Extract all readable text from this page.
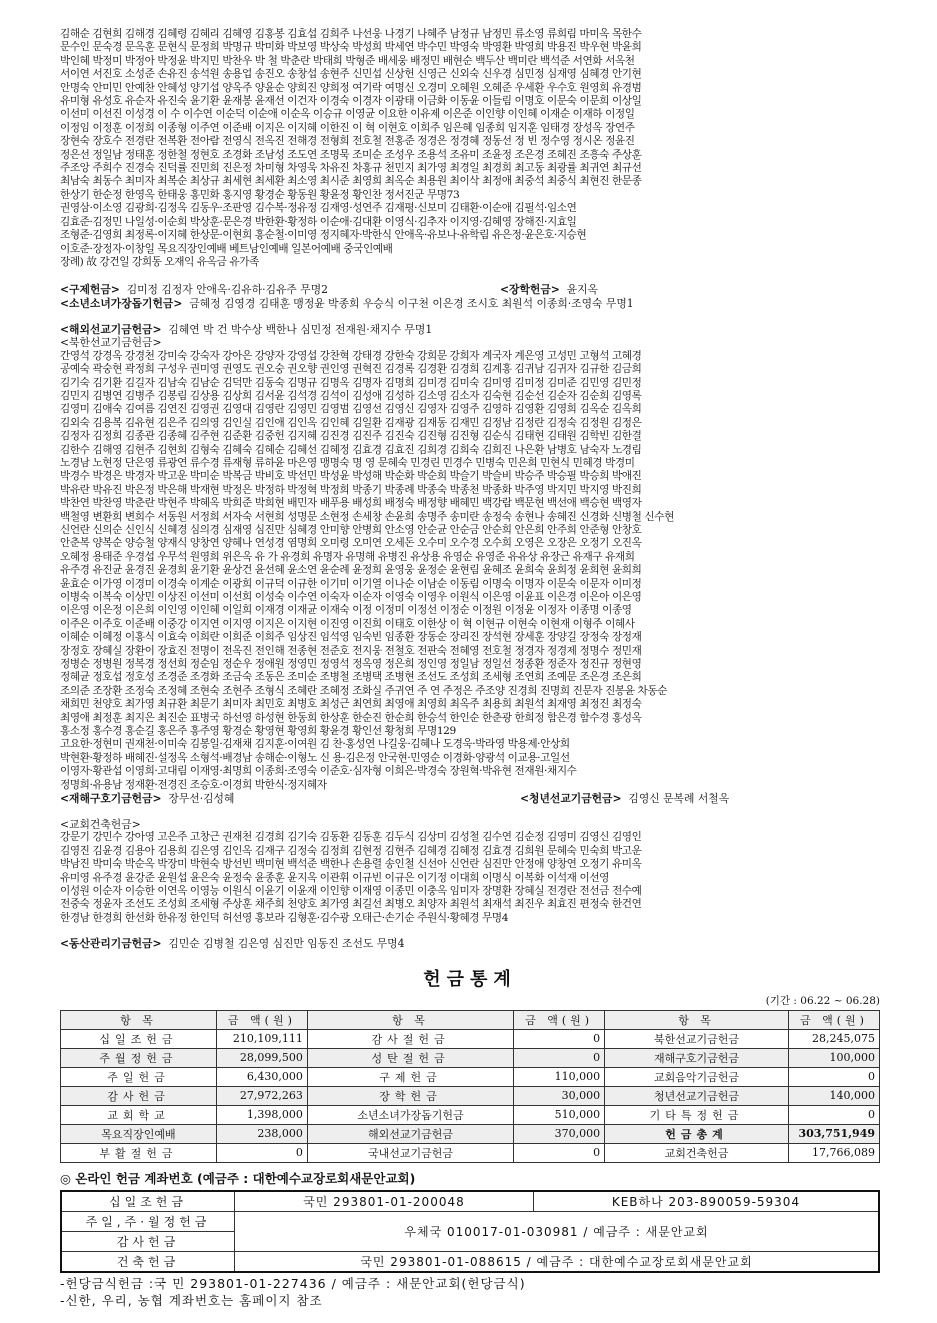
김해순 김현희 김해경 김혜령 김혜리 김혜영 김홍봉 김효섭 김희주 나선웅 나경기 나혜주 남정규 남정민 류소영 류희림 마미옥 목한수
문수인 문숙경 문옥훈 문현식 문정희 박명규 박미화 박보영 박상숙 박성희 박세연 박수민 박영숙 박영환 박영희 박용진 박우현 박윤희
박인혜 박정미 박정아 박정윤 박지민 박찬우 박 철 박춘란 박태희 박형준 배세웅 배정민 배현순 백두산 백미란 백석준 서연화 서옥천
서이연 서진호 소성준 손유진 송석원 송용업 송진오 송창섭 송현주 신민섭 신상헌 신영근 신외숙 신우경 심민정 심재영 심혜경 안기현
안명숙 안미민 안예찬 안혜성 양기섭 양옥주 양윤순 양희진 양희정 여기락 여명신 오경미 오혜원 오혜준 우세환 우수호 원영희 유경범
유미형 유성호 유순자 유진숙 윤기환 윤재봉 윤재선 이건자 이경숙 이경자 이광태 이금화 이동윤 이들림 이명호 이문숙 이문희 이상일
이선미 이선진 이성경 이 수 이수연 이순덕 이순애 이순옥 이승규 이영균 이요한 이유제 이은준 이인향 이인혜 이재순 이재하 이정일
이정임 이정훈 이정희 이종형 이주연 이준배 이지은 이지혜 이한진 이 혁 이현호 이희주 임은혜 임종희 임지훈 임태경 장성옥 장연주
장현숙 장호수 전경란 전복환 전아람 전영식 전옥진 전해경 전형희 전호철 전홍준 정경은 정경혜 정동선 정 빈 정수영 정시온 정윤진
정은선 정일남 정태훈 정한철 정현호 조경화 조남성 조도연 조명묵 조미순 조성우 조용석 조유미 조윤정 조은경 조혜진 조흥숙 주상훈
주조앙 주희수 진경숙 진덕률 진민희 진은정 차미형 차영욱 차유진 차홍규 천민지 최가영 최경일 최경희 최고동 최광률 최귀연 최규선
최남숙 최동수 최미자 최복순 최상규 최세현 최세환 최소영 최시준 최영희 최옥순 최용원 최이삭 최정애 최중석 최중식 최현진 한문종
한상기 한순정 한영옥 한태웅 홍민화 홍지영 황경순 황동원 황윤정 황인찬 정서진군 무명73
권영삼·이소영 김광희·김정옥 김동우·조판영 김수복·정유정 김재영·성연주 김재평·신보미 김태환·이순애 김필석·임소연
김효준·김정민 나일성·이순희 박상훈·문은경 박한환·황정하 이순애·김대환 이영식·김추자 이지영·김혜영 장해진·지효일
조형준·김영희 최정록·이지혜 한상문·이현희 홍순철·이미영 정지혜자·박한식 안애옥·유보나·유학림 유은정·윤은호·지승현
이호준·장정자·이창일 목요직장인예배 베트남인예배 일본어예배 중국인예배
장례) 故 강건일 강희동 오재익 유옥금 유가족
<구제헌금> 김미정 김정자 안애옥·김유하·김유주 무명2	<장학헌금> 윤지옥
<소년소녀가장돕기헌금> 금혜정 김영경 김태훈 맹정윤 박종희 우승식 이구천 이은경 조시호 최원석 이종희·조영숙 무명1
<해외선교기금헌금> 김혜연 박 건 박수상 백한나 심민정 전재원·채지수 무명1
<북한선교기금헌금>
간영석 강경옥 강경천 강미숙 강숙자 강아은 강양자 강영섭 강찬혁 강태경 강한숙 강희문 강희자 계국자 계은영 고성민 고형석 고혜경
공예숙 곽숭현 곽정희 구성우 권미영 권영도 권오숭 권오향 권인영 권혁진 김경록 김경환 김경희 김계홍 김귀남 김귀자 김규한 김금희
김기숙 김기환 김길자 김남숙 김남순 김덕만 김동숙 김명규 김명옥 김명자 김명희 김미경 김미숙 김미영 김미정 김미준 김민영 김민정
김민지 김병연 김병주 김봉림 김상용 김상희 김서윤 김석경 김석이 김성애 김성하 김소영 김소자 김숙현 김순선 김순자 김순희 김영록
김영미 김애숙 김여름 김연진 김영권 김영대 김영란 김영민 김영범 김영선 김영신 김영자 김영주 김영하 김영환 김영희 김옥순 김옥희
김외숙 김용복 김유현 김은주 김의영 김인실 김인애 김인옥 김인혜 김일환 김재광 김재동 김재민 김정남 김정란 김정숙 김정원 김정은
김정자 김정희 김종관 김종혜 김주현 김준환 김중헌 김지혜 김진경 김진주 김진숙 김진형 김진형 김순식 김태현 김태원 김학빈 김한결
김한수 김해영 김현주 김현희 김형숙 김혜숙 김혜순 김혜선 김혜정 김효경 김효진 김희경 김희숙 김희진 나은환 남병호 남숙자 노경림
노경남 노현정 단은영 류광연 류수경 류재형 류하윤 마은영 맹명숙 명 영 문혜숙 민경린 민경수 민병숙 민은희 민현식 민혜경 박경미
박경수 박경은 박경자 박고운 박미순 박복금 박비호 박선민 박성윤 박성해 박순화 박순희 박슬기 박슬비 박승주 박승필 박승희 박애진
박유란 박유진 박은정 박은해 박재현 박정은 박정하 박정혁 박정희 박종기 박종례 박종숙 박종천 박종화 박주영 박지민 박지영 박진희
박찬연 박찬영 박춘란 박현주 박혜옥 박희준 박희현 배민자 배푸용 배성희 배정숙 배정향 배혜민 백강람 백문현 백선애 백승현 백영자
백철영 변환희 변희수 서동원 서정희 서자숙 서현희 성명문 소현정 손세창 손윤희 송명주 송미란 송정숙 송현나 송혜진 신경화 신병철 신수현
신언란 신의순 신인식 신혜경 심의경 심재영 심진만 심혜경 안미향 안병희 안소영 안순균 안순금 안순희 안은희 안주희 안준형 안창호
안춘복 양복순 양승철 양재식 양창연 양혜나 연성경 염명희 오미령 오미연 오세돈 오수미 오수경 오수희 오영은 오장은 오정기 오진옥
오혜정 용태준 우경섭 우무석 원영희 위은옥 유 가 유경희 유명자 유명해 유병진 유상용 유영순 유영준 유유상 유장근 유재구 유재희
유주경 유진균 윤경진 윤경희 윤기환 윤상건 윤선혜 윤소연 윤순례 윤정희 윤영웅 윤정순 윤현림 윤혜조 윤희숙 윤희정 윤희현 윤희희
윤효순 이가영 이경미 이경숙 이계순 이광희 이규덕 이규한 이기미 이기열 이나순 이남순 이동림 이명숙 이명자 이문숙 이문자 이미정
이병숙 이복숙 이상민 이상진 이선미 이선희 이성숙 이수연 이숙자 이순자 이영숙 이영우 이원식 이은영 이윤표 이은경 이은아 이은영
이은영 이은정 이은희 이인영 이인혜 이일희 이재경 이재균 이재숙 이정 이정미 이정선 이정순 이정원 이정윤 이정자 이종명 이종영
이주은 이주호 이준배 이중강 이지연 이지영 이지은 이지현 이진영 이진희 이태호 이한상 이 혁 이현규 이현숙 이현재 이형주 이혜사
이혜순 이혜정 이홍식 이효숙 이희란 이희준 이희주 임상진 임석영 임숙빈 임종환 장동순 장리진 장석현 장세훈 장양길 장정숙 장정재
장정호 장혜실 장환이 장효진 전명이 전옥진 전인해 전종현 전준호 전지웅 전철호 전판숙 전혜영 전호철 정경자 정경제 정명수 정민재
정병순 정병원 정복경 정선희 정순임 정순우 정애원 정영민 정영석 정옥영 정은희 정인영 정일남 정일선 정종환 정준자 정진규 정현영
정혜균 정호섭 정호성 조경준 조경화 조금숙 조동은 조미순 조병철 조병택 조병현 조선도 조성희 조세형 조연희 조예문 조은경 조은희
조의준 조장환 조정숙 조정혜 조현숙 조현주 조형식 조혜란 조혜정 조화실 주귀연 주 연 주정은 주조양 진경희 진명희 진문자 진봉윤 차동순
채희민 천양호 최가영 최규환 최문기 최미자 최민호 최병호 최성근 최연희 최영애 최영희 최옥주 최용희 최원석 최재영 최정진 최정숙
최영애 최정훈 최지은 최진순 표병국 하선영 하성현 한동희 한상훈 한순진 한순희 한승석 한인순 한춘광 한희정 함은경 함수경 홍성옥
홍소정 홍수경 홍순길 홍은주 홍주영 황경순 황영현 황영희 황윤경 황인선 황청희 무명129
고요한·정현미 권재천·이미숙 김봉일·김재채 김지훈·이여원 김 찬·홍성연 나길웅·김혜나 도경욱·박라영 박용제·안상희
박현환·황정하 배혜진·설정옥 소형석·배경남 송해순·이형노 신 용·김은정 안국현·민영순 이경화·양광석 이교용·고일선
이영자·황관섭 이영희·고대림 이재영·최명희 이종희·조영숙 이준호·심자형 이희은·박경숙 장원혁·박유현 전재원·채지수
정명희·유용남 정재환·전경진 조승호·이경희 박한식·정지혜자
<재해구호기금헌금> 장무선·김성혜	<청년선교기금헌금> 김영신 문복례 서철옥
<교회건축헌금>
강문기 강민수 강아영 고은주 고창근 권재천 김경희 김기숙 김동환 김동훈 김두식 김상미 김성철 김수연 김순정 김영미 김영신 김영인
김영진 김윤경 김용아 김용희 김은영 김인옥 김재구 김정숙 김정희 김현정 김현주 김혜경 김혜정 김효경 김희원 문혜숙 민숙희 박고운
박남진 박미숙 박순옥 박장미 박현숙 방선빈 백미현 백석준 백한나 손용렬 송인철 신선아 신언란 심진만 안정애 양창연 오정기 유미옥
유미영 유주경 윤강준 윤원섭 윤은숙 윤정숙 윤종훈 윤지옥 이관휘 이규빈 이규은 이기정 이대희 이명식 이복화 이석재 이선영
이성원 이순자 이승한 이연옥 이영능 이원식 이윤기 이윤재 이인향 이재영 이종민 이충옥 임미자 장명환 장혜실 전경란 전선금 전수예
전중숙 정윤자 조선도 조성희 조세형 주상훈 채주희 천양호 최가영 최길선 최병오 최양자 최원석 최재석 최진우 최효진 편정숙 한건연
한경남 한경희 한선화 한유정 한인덕 허선영 홍보라 김형훈·김수광 오태근·손기순 주원식·황혜경 무명4
<동산관리기금헌금> 김민순 김병철 김은영 심진만 임동진 조선도 무명4
헌금통계
(기간 : 06.22 ~ 06.28)
항 목	금 액(원)	항 목	금 액(원)	항 목	금 액(원)
십일조헌금	210,109,111	감사절헌금	0	북한선교기금헌금	28,245,075
주월정헌금	28,099,500	성탄절헌금	0	재해구호기금헌금	100,000
주일헌금	6,430,000	구제헌금	110,000	교회음악기금헌금	0
감사헌금	27,972,263	장학헌금	30,000	청년선교기금헌금	140,000
교회학교	1,398,000	소년소녀가장돕기헌금	510,000	기타특정헌금	0
목요직장인예배	238,000	해외선교기금헌금	370,000	헌금총계	303,751,949
부활절헌금	0	국내선교기금헌금	0	교회건축헌금	17,766,089
◎ 온라인 헌금 계좌번호 (예금주 : 대한예수교장로회새문안교회)
십일조헌금	국민 293801-01-200048	KEB하나 203-890059-59304
주일,주·월정헌금	우체국 010017-01-030981 / 예금주 : 새문안교회	
감사헌금		
건축헌금	국민 293801-01-088615 / 예금주 : 대한예수교장로회새문안교회	
-헌당금식헌금 :국 민 293801-01-227436 / 예금주 : 새문안교회(헌당금식)
-신한, 우리, 농협 계좌번호는 홈페이지 참조
